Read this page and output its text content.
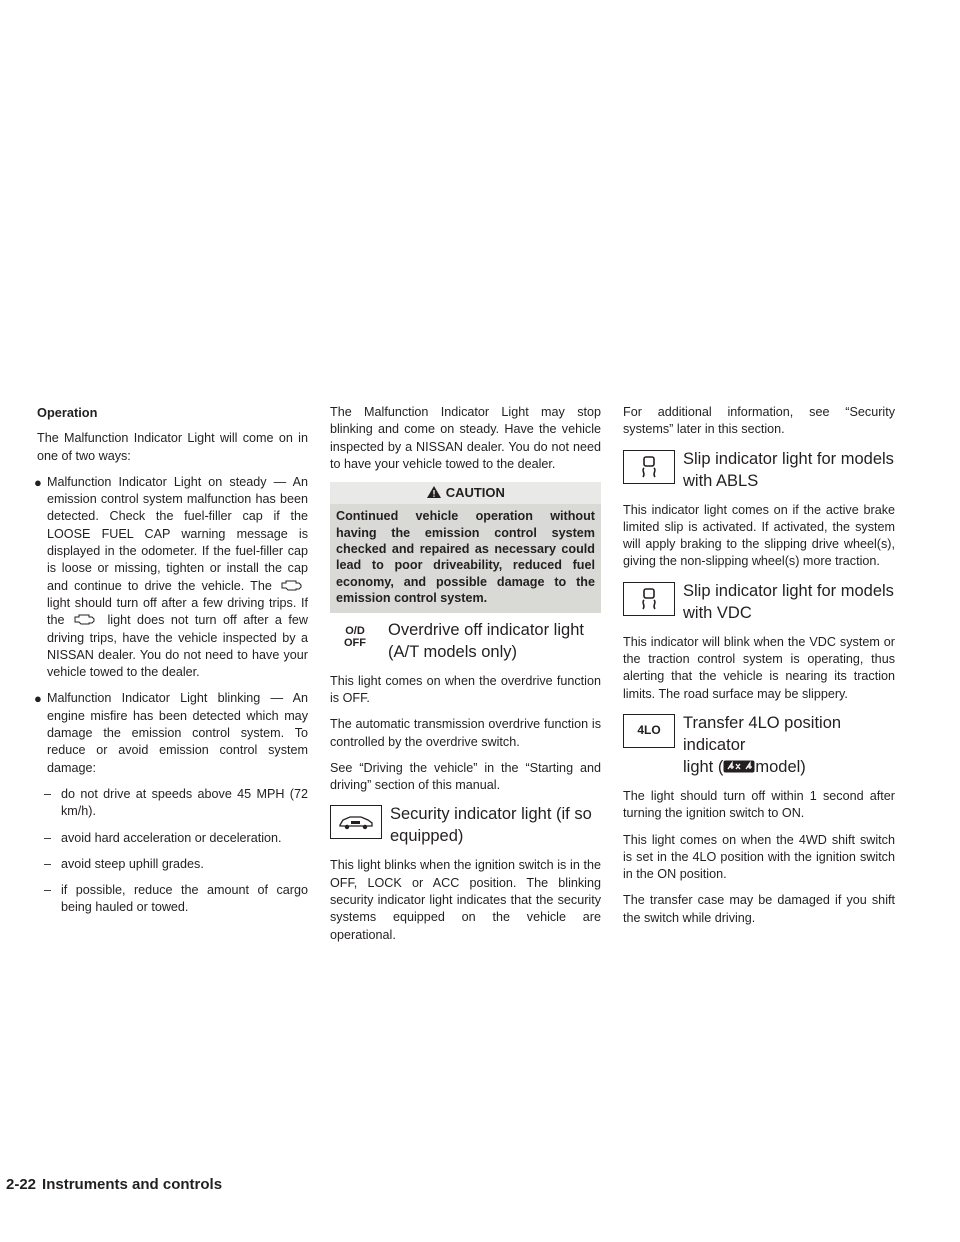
Operation

The Malfunction Indicator Light will come on in one of two ways:

● Malfunction Indicator Light on steady — An emission control system malfunction has been detected. Check the fuel-filler cap if the LOOSE FUEL CAP warning message is displayed in the odometer. If the fuel-filler cap is loose or missing, tighten or install the cap and continue to drive the vehicle. The  light should turn off after a few driving trips. If the	light does not turn off after a few driving trips, have the vehicle inspected by a NISSAN dealer. You do not need to have your vehicle towed to the dealer.
● Malfunction Indicator Light blinking — An engine misfire has been detected which may damage the emission control system. To reduce or avoid emission control system damage:
– do not drive at speeds above 45 MPH (72 km/h).
– avoid hard acceleration or deceleration.
– avoid steep uphill grades.
– if possible, reduce the amount of cargo being hauled or towed.

The Malfunction Indicator Light may stop blinking and come on steady. Have the vehicle inspected by a NISSAN dealer. You do not need to have your vehicle towed to the dealer.

CAUTION
Continued vehicle operation without having the emission control system checked and repaired as necessary could lead to poor driveability, reduced fuel economy, and possible damage to the emission control system.
O/D
OFF
Overdrive off indicator light
(A/T models only)

This light comes on when the overdrive function is OFF.

The automatic transmission overdrive function is controlled by the overdrive switch.

See “Driving the vehicle” in the “Starting and driving” section of this manual.

Security indicator light (if so
equipped)

This light blinks when the ignition switch is in the OFF, LOCK or ACC position. The blinking security indicator light indicates that the security systems equipped on the vehicle are operational.

For additional information, see “Security systems” later in this section.

Slip indicator light for models
with ABLS

This indicator light comes on if the active brake limited slip is activated. If activated, the system will apply braking to the slipping drive wheel(s), giving the non-slipping wheel(s) more traction.

Slip indicator light for models
with VDC

This indicator will blink when the VDC system or the traction control system is operating, thus alerting that the vehicle is nearing its traction limits. The road surface may be slippery.

4LO Transfer 4LO position indicator
light ( model)

The light should turn off within 1 second after turning the ignition switch to ON.

This light comes on when the 4WD shift switch is set in the 4LO position with the ignition switch in the ON position.

The transfer case may be damaged if you shift the switch while driving.

2-22 Instruments and controls
